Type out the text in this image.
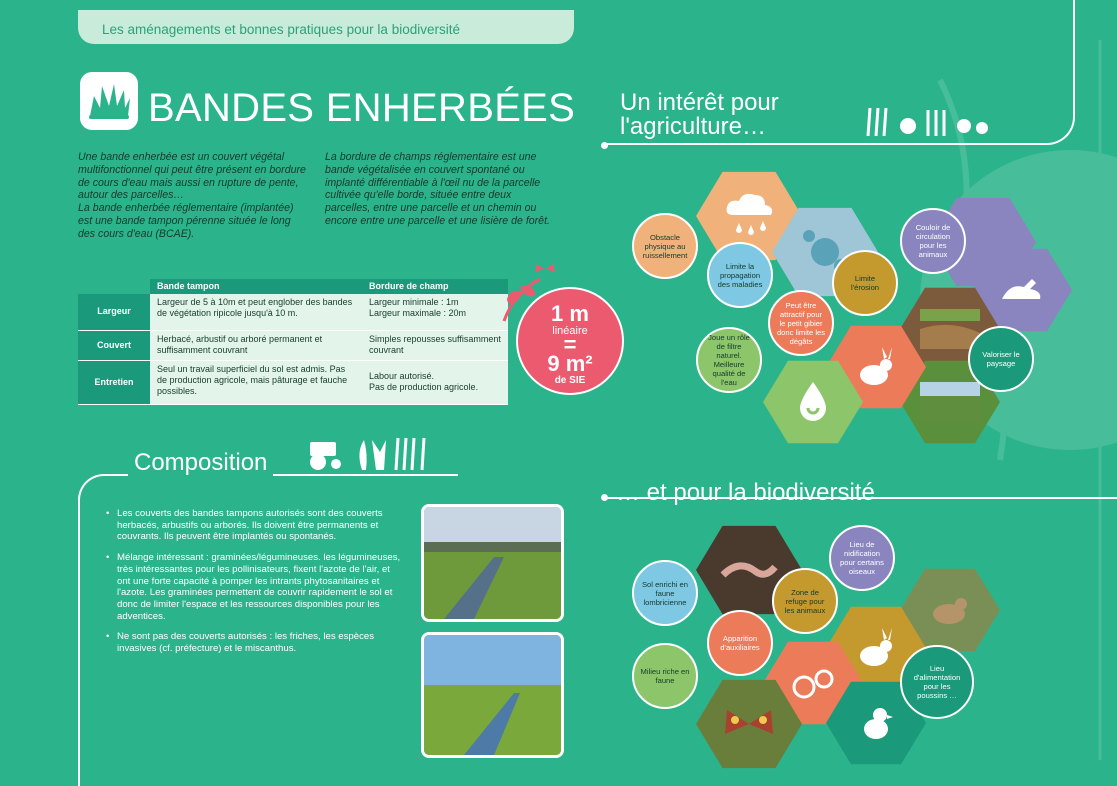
Les aménagements et bonnes pratiques pour la biodiversité
BANDES ENHERBÉES

Une bande enherbée est un couvert végétal multifonctionnel qui peut être présent en bordure de cours d'eau mais aussi en rupture de pente, autour des parcelles…

La bande enherbée réglementaire (implantée) est une bande tampon pérenne située le long des cours d'eau (BCAE).

La bordure de champs réglementaire est une bande végétalisée en couvert spontané ou implanté différentiable à l'œil nu de la parcelle cultivée qu'elle borde, située entre deux parcelles, entre une parcelle et un chemin ou encore entre une parcelle et une lisière de forêt.

	Bande tampon	Bordure de champ
Largeur	Largeur de 5 à 10m et peut englober des bandes de végétation ripicole jusqu'à 10 m.	Largeur minimale : 1m
Largeur maximale : 20m
Couvert	Herbacé, arbustif ou arboré permanent et suffisamment couvrant	Simples repousses suffisamment couvrant
Entretien	Seul un travail superficiel du sol est admis. Pas de production agricole, mais pâturage et fauche possibles.	Labour autorisé.
Pas de production agricole.
1 m
linéaire
=
9 m²
de SIE
Composition
• Les couverts des bandes tampons autorisés sont des couverts herbacés, arbustifs ou arborés. Ils doivent être permanents et couvrants. Ils peuvent être implantés ou spontanés.
• Mélange intéressant : graminées/légumineuses. les légumineuses, très intéressantes pour les pollinisateurs, fixent l'azote de l'air, et ont une forte capacité à pomper les intrants phytosanitaires et l'azote. Les graminées permettent de couvrir rapidement le sol et donc de limiter l'espace et les ressources disponibles pour les adventices.
• Ne sont pas des couverts autorisés : les friches, les espèces invasives (cf. préfecture) et le miscanthus.
Un intérêt pour
l'agriculture…
Obstacle physique au ruissellement
Limite la propagation des maladies
Limite l'érosion
Couloir de circulation pour les animaux
Peut être attractif pour le petit gibier donc limite les dégâts
Joue un rôle de filtre naturel. Meilleure qualité de l'eau
Valoriser le paysage
… et pour la biodiversité
Sol enrichi en faune lombricienne
Zone de refuge pour les animaux
Lieu de nidification pour certains oiseaux
Apparition d'auxiliaires
Milieu riche en faune
Lieu d'alimentation pour les poussins …
